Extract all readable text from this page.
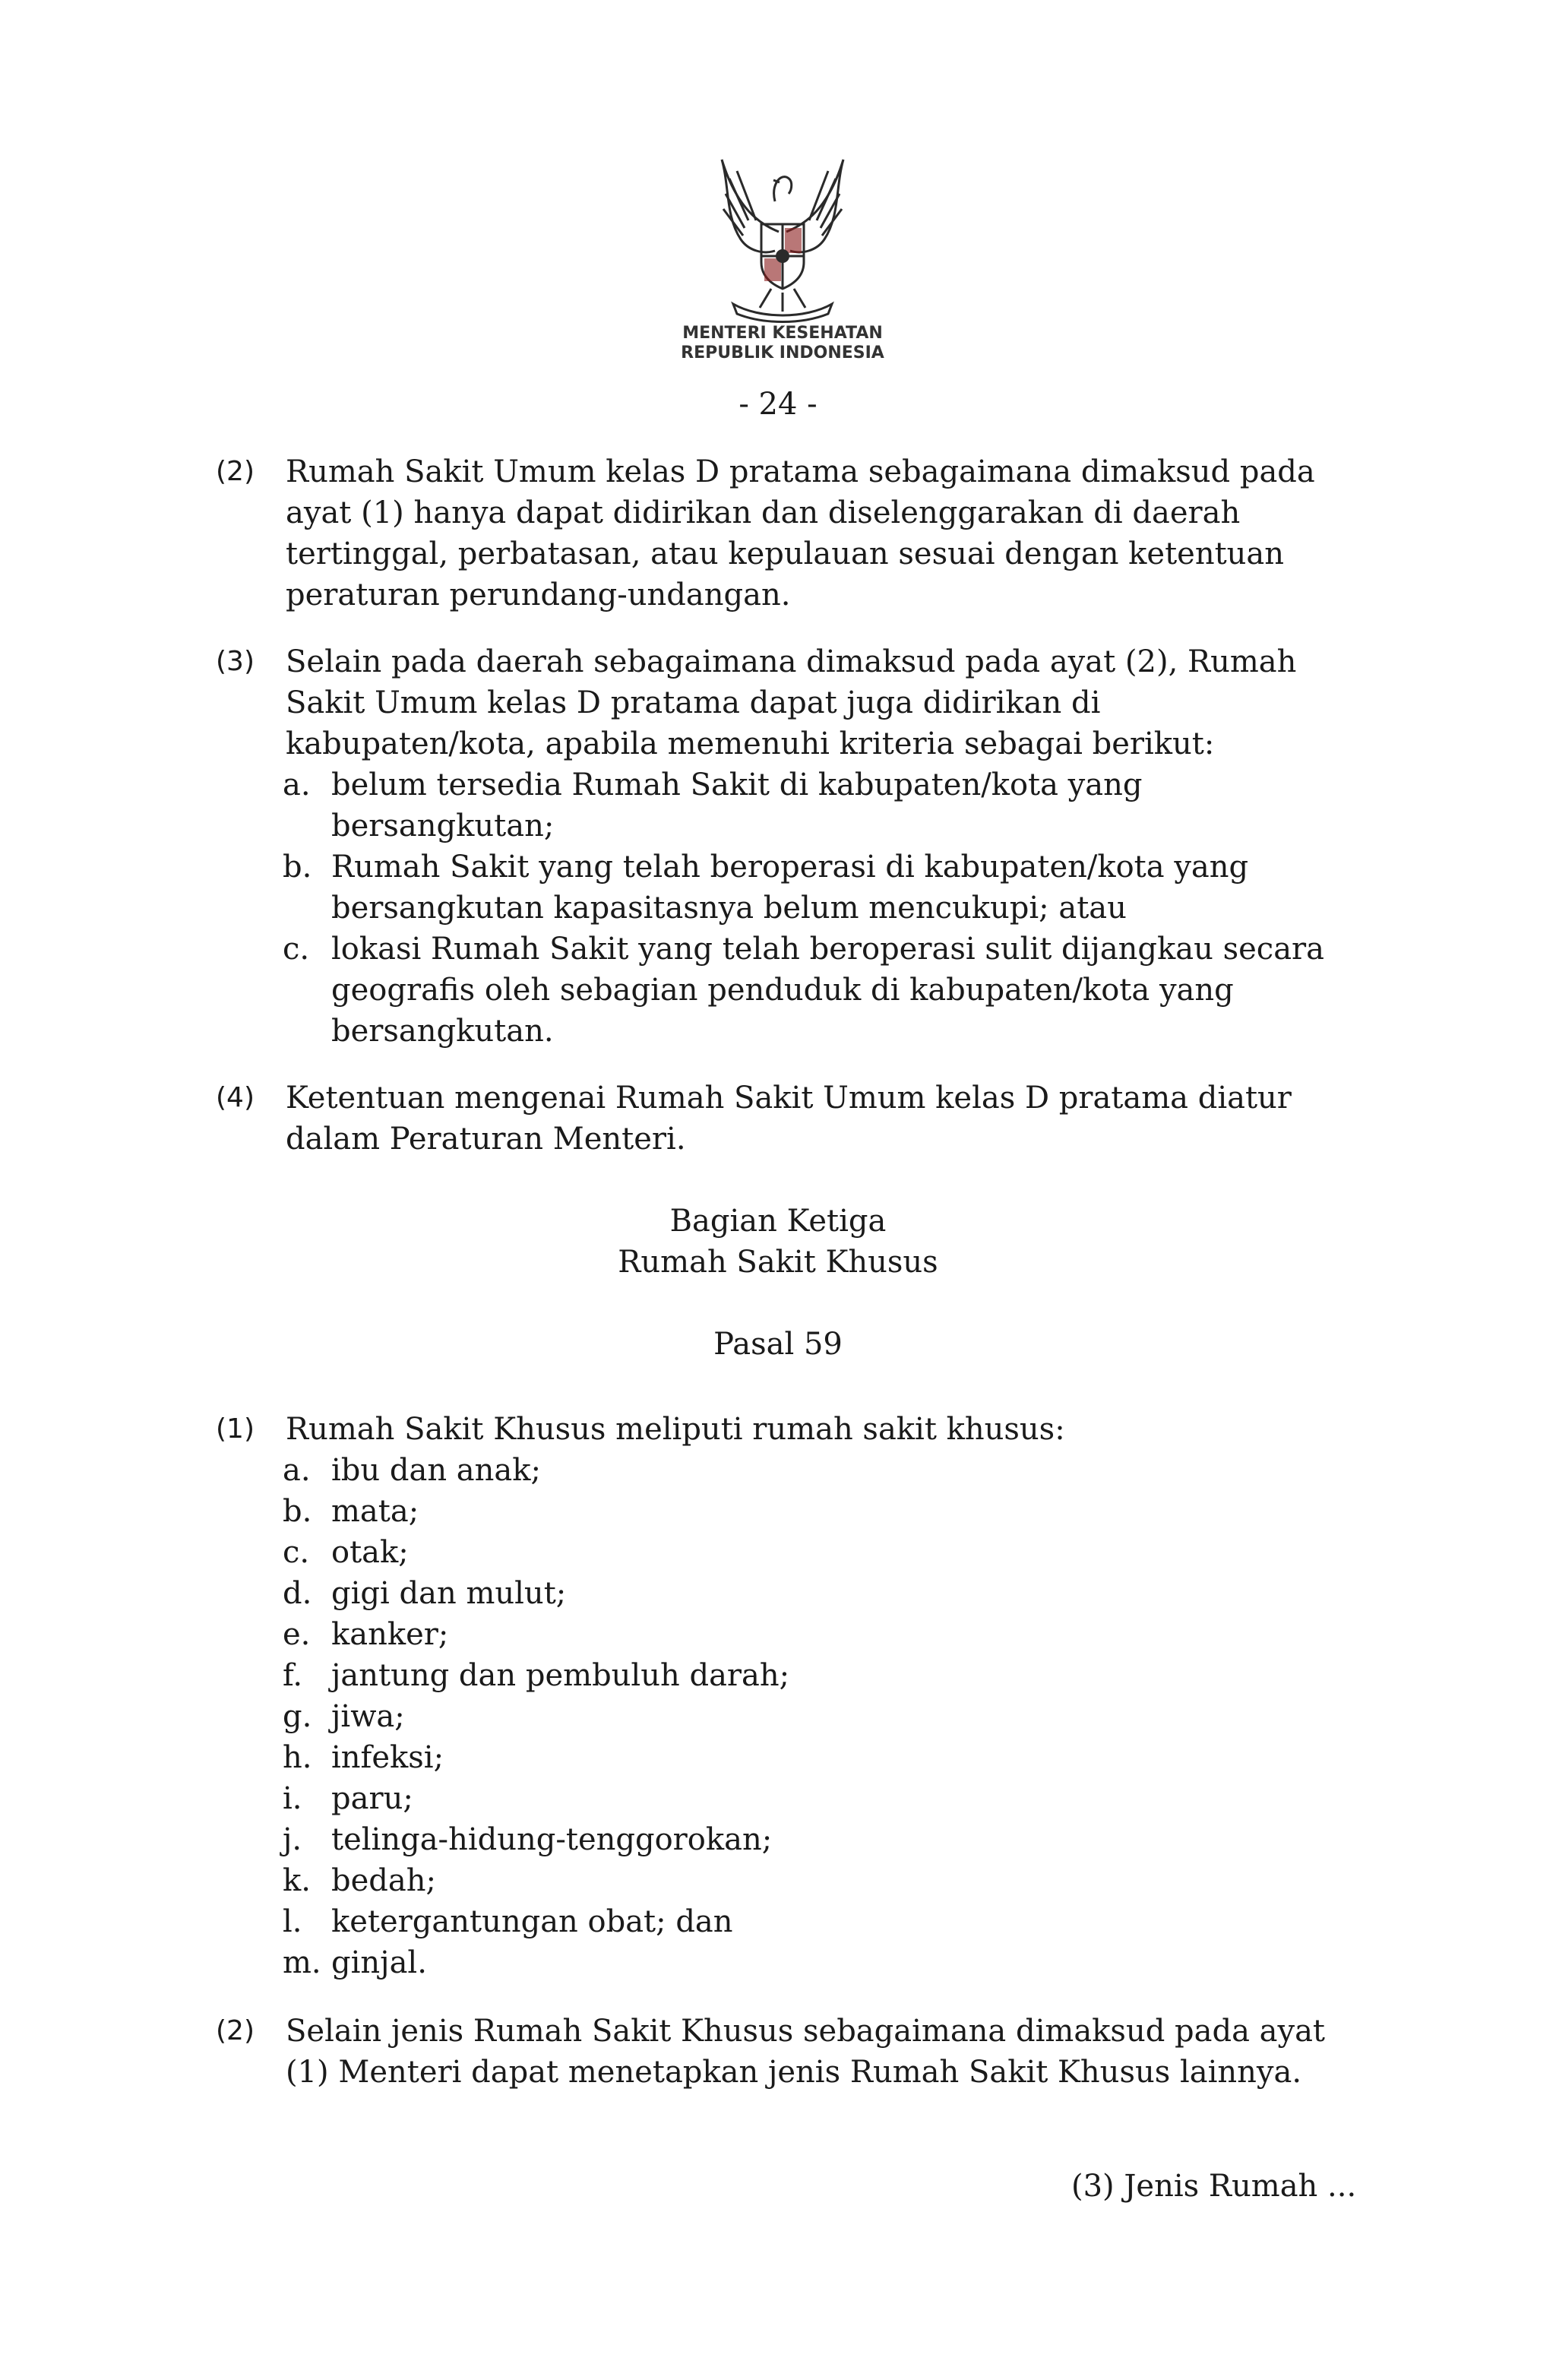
MENTERI KESEHATAN
REPUBLIK INDONESIA
- 24 -
(2) Rumah Sakit Umum kelas D pratama sebagaimana dimaksud pada
ayat (1) hanya dapat didirikan dan diselenggarakan di daerah
tertinggal, perbatasan, atau kepulauan sesuai dengan ketentuan
peraturan perundang-undangan.
(3) Selain pada daerah sebagaimana dimaksud pada ayat (2), Rumah
Sakit Umum kelas D pratama dapat juga didirikan di
kabupaten/kota, apabila memenuhi kriteria sebagai berikut:
a. belum tersedia Rumah Sakit di kabupaten/kota yang
bersangkutan;
b. Rumah Sakit yang telah beroperasi di kabupaten/kota yang
bersangkutan kapasitasnya belum mencukupi; atau
c. lokasi Rumah Sakit yang telah beroperasi sulit dijangkau secara
geografis oleh sebagian penduduk di kabupaten/kota yang
bersangkutan.
(4) Ketentuan mengenai Rumah Sakit Umum kelas D pratama diatur
dalam Peraturan Menteri.
Bagian Ketiga
Rumah Sakit Khusus
Pasal 59
(1) Rumah Sakit Khusus meliputi rumah sakit khusus:
a. ibu dan anak;
b. mata;
c. otak;
d. gigi dan mulut;
e. kanker;
f. jantung dan pembuluh darah;
g. jiwa;
h. infeksi;
i. paru;
j. telinga-hidung-tenggorokan;
k. bedah;
l. ketergantungan obat; dan
m. ginjal.
(2) Selain jenis Rumah Sakit Khusus sebagaimana dimaksud pada ayat
(1) Menteri dapat menetapkan jenis Rumah Sakit Khusus lainnya.
(3) Jenis Rumah ...
